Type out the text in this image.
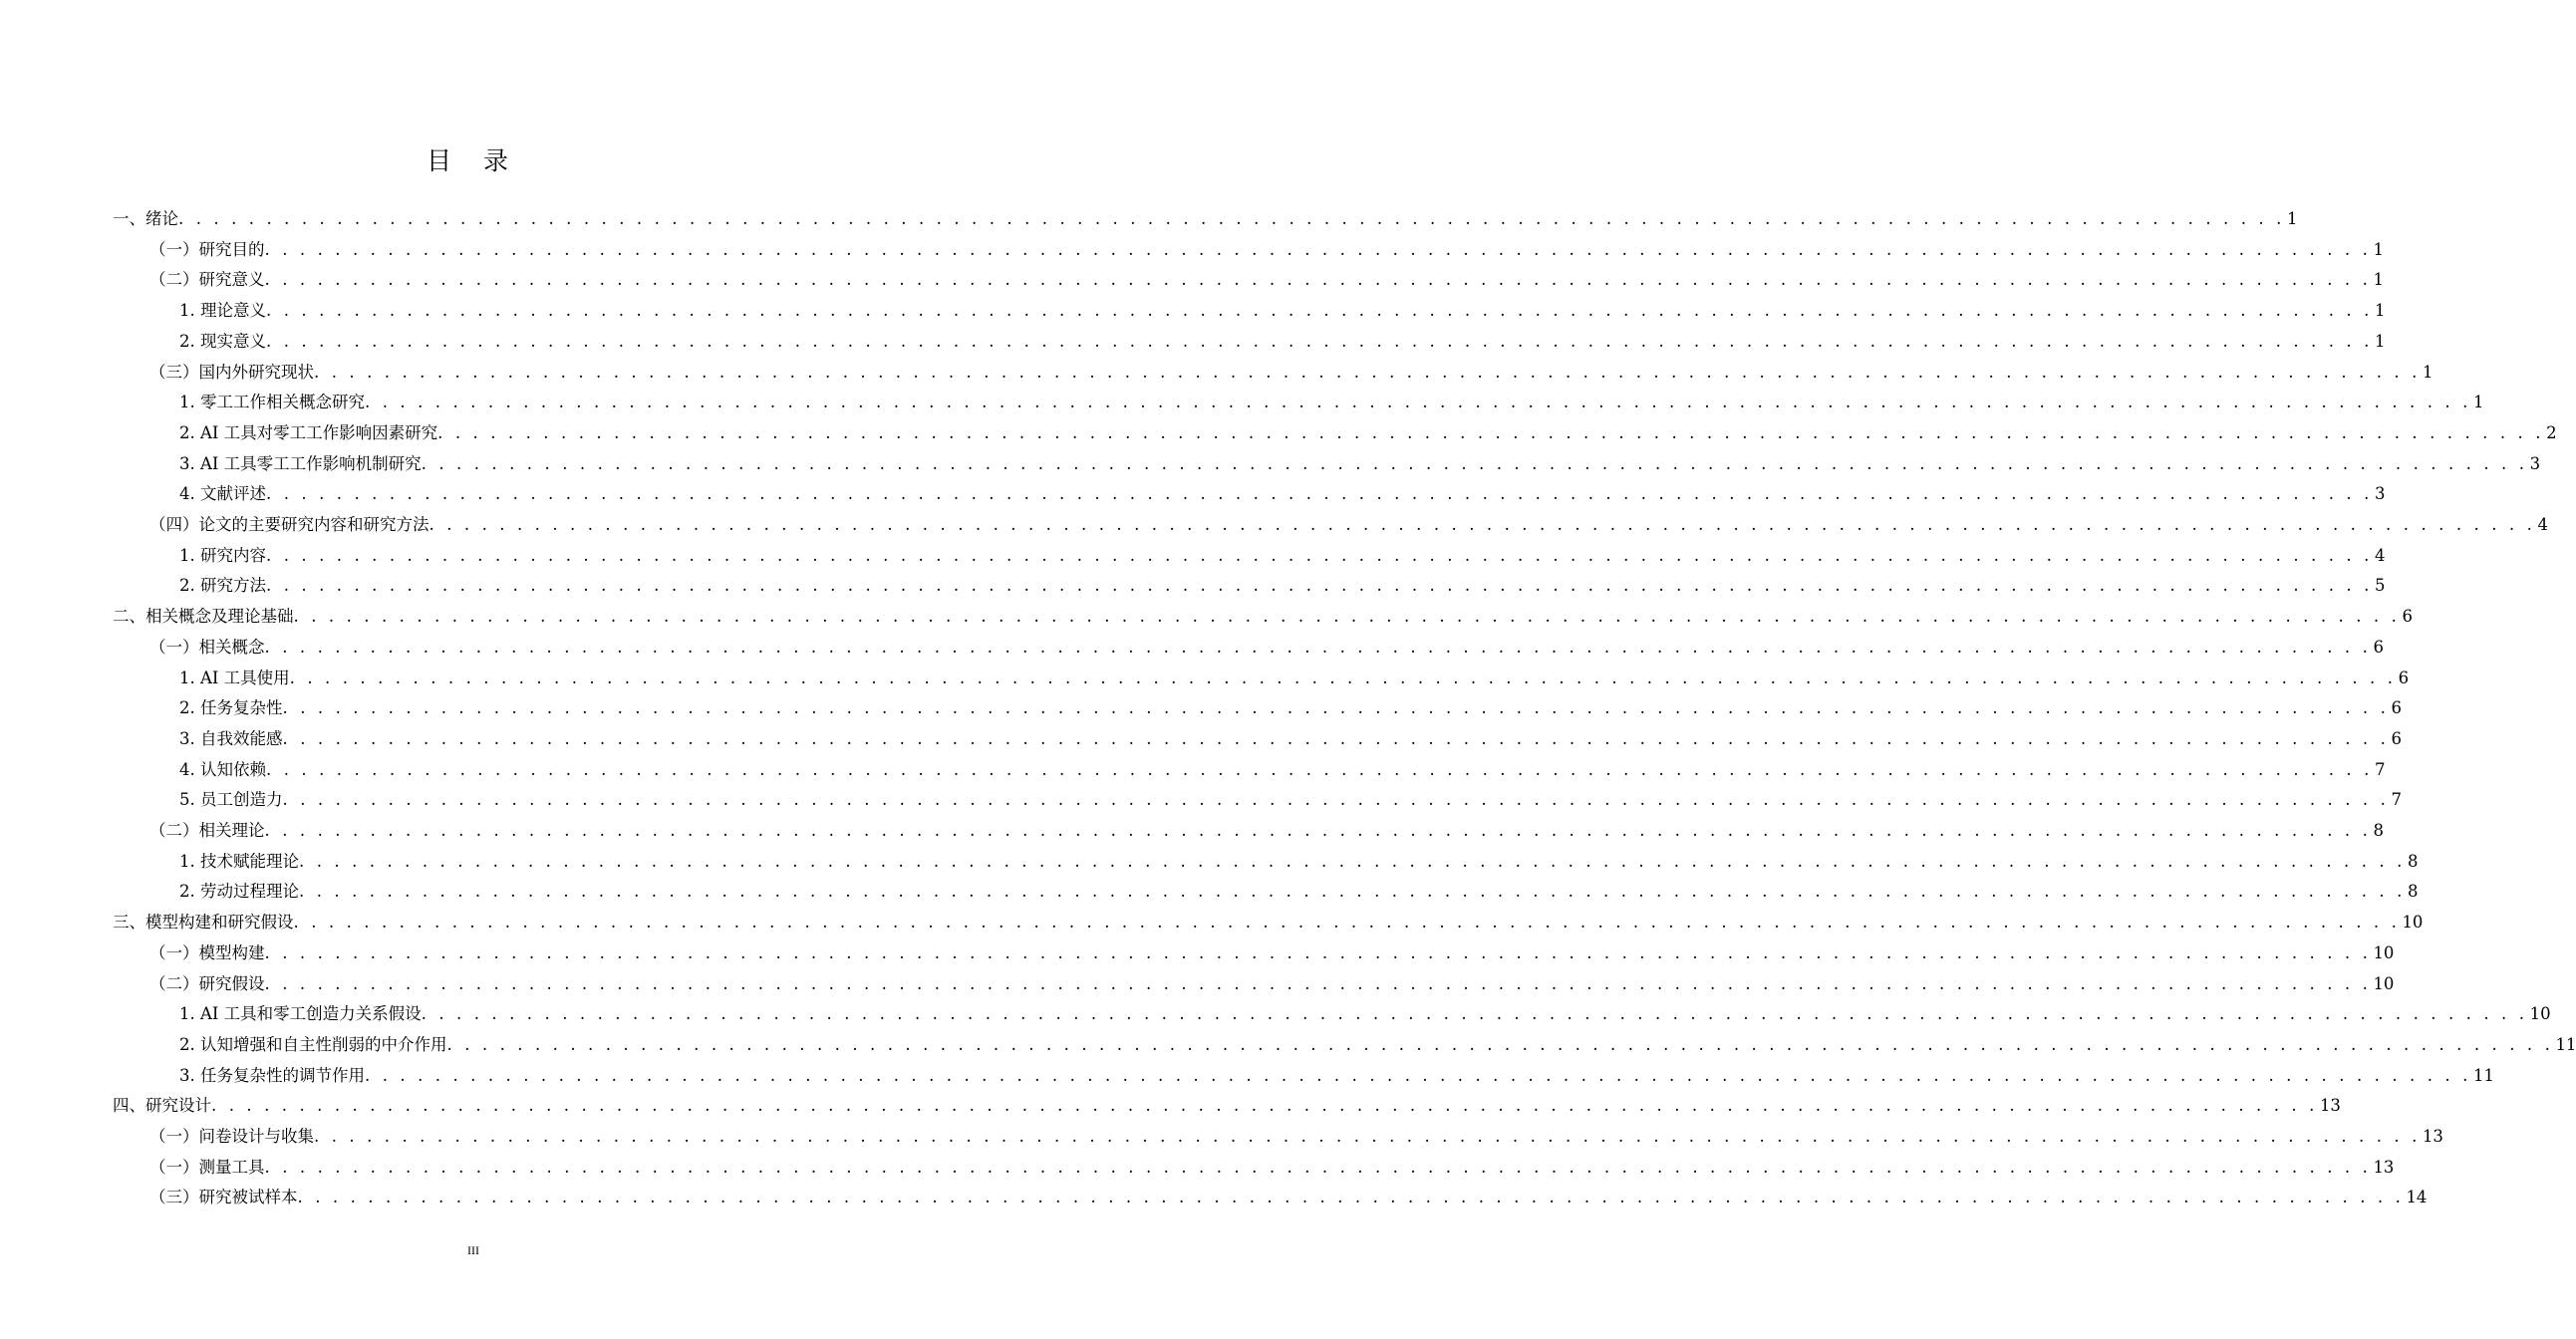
目 录
一、绪论 . . . . . . . . . . . . . . . . . . . . . . . . . . . . . . . . . . . . . . . . . . . . . . . . . . . . . . . . . . . . . . . . . . . . . . . . . . . . . . . . . . . . . . . . . . . . . . . . . . . . . . . . . . . . . . . . . . . . . . . . 1
（一）研究目的 . . . . . . . . . . . . . . . . . . . . . . . . . . . . . . . . . . . . . . . . . . . . . . . . . . . . . . . . . . . . . . . . . . . . . . . . . . . . . . . . . . . . . . . . . . . . . . . . . . . . . . . . . . . . . . . . . . . . . . . . 1
（二）研究意义 . . . . . . . . . . . . . . . . . . . . . . . . . . . . . . . . . . . . . . . . . . . . . . . . . . . . . . . . . . . . . . . . . . . . . . . . . . . . . . . . . . . . . . . . . . . . . . . . . . . . . . . . . . . . . . . . . . . . . . . . 1
1. 理论意义 . . . . . . . . . . . . . . . . . . . . . . . . . . . . . . . . . . . . . . . . . . . . . . . . . . . . . . . . . . . . . . . . . . . . . . . . . . . . . . . . . . . . . . . . . . . . . . . . . . . . . . . . . . . . . . . . . . . . . . . . 1
2. 现实意义 . . . . . . . . . . . . . . . . . . . . . . . . . . . . . . . . . . . . . . . . . . . . . . . . . . . . . . . . . . . . . . . . . . . . . . . . . . . . . . . . . . . . . . . . . . . . . . . . . . . . . . . . . . . . . . . . . . . . . . . . 1
（三）国内外研究现状 . . . . . . . . . . . . . . . . . . . . . . . . . . . . . . . . . . . . . . . . . . . . . . . . . . . . . . . . . . . . . . . . . . . . . . . . . . . . . . . . . . . . . . . . . . . . . . . . . . . . . . . . . . . . . . . . . . . . . . . . 1
1. 零工工作相关概念研究 . . . . . . . . . . . . . . . . . . . . . . . . . . . . . . . . . . . . . . . . . . . . . . . . . . . . . . . . . . . . . . . . . . . . . . . . . . . . . . . . . . . . . . . . . . . . . . . . . . . . . . . . . . . . . . . . . . . . . . . . 1
2. AI 工具对零工工作影响因素研究 . . . . . . . . . . . . . . . . . . . . . . . . . . . . . . . . . . . . . . . . . . . . . . . . . . . . . . . . . . . . . . . . . . . . . . . . . . . . . . . . . . . . . . . . . . . . . . . . . . . . . . . . . . . . . . . . . . . . . . . . 2
3. AI 工具零工工作影响机制研究 . . . . . . . . . . . . . . . . . . . . . . . . . . . . . . . . . . . . . . . . . . . . . . . . . . . . . . . . . . . . . . . . . . . . . . . . . . . . . . . . . . . . . . . . . . . . . . . . . . . . . . . . . . . . . . . . . . . . . . . . 3
4. 文献评述 . . . . . . . . . . . . . . . . . . . . . . . . . . . . . . . . . . . . . . . . . . . . . . . . . . . . . . . . . . . . . . . . . . . . . . . . . . . . . . . . . . . . . . . . . . . . . . . . . . . . . . . . . . . . . . . . . . . . . . . . 3
（四）论文的主要研究内容和研究方法 . . . . . . . . . . . . . . . . . . . . . . . . . . . . . . . . . . . . . . . . . . . . . . . . . . . . . . . . . . . . . . . . . . . . . . . . . . . . . . . . . . . . . . . . . . . . . . . . . . . . . . . . . . . . . . . . . . . . . . . . 4
1. 研究内容 . . . . . . . . . . . . . . . . . . . . . . . . . . . . . . . . . . . . . . . . . . . . . . . . . . . . . . . . . . . . . . . . . . . . . . . . . . . . . . . . . . . . . . . . . . . . . . . . . . . . . . . . . . . . . . . . . . . . . . . . 4
2. 研究方法 . . . . . . . . . . . . . . . . . . . . . . . . . . . . . . . . . . . . . . . . . . . . . . . . . . . . . . . . . . . . . . . . . . . . . . . . . . . . . . . . . . . . . . . . . . . . . . . . . . . . . . . . . . . . . . . . . . . . . . . . 5
二、相关概念及理论基础 . . . . . . . . . . . . . . . . . . . . . . . . . . . . . . . . . . . . . . . . . . . . . . . . . . . . . . . . . . . . . . . . . . . . . . . . . . . . . . . . . . . . . . . . . . . . . . . . . . . . . . . . . . . . . . . . . . . . . . . . 6
（一）相关概念 . . . . . . . . . . . . . . . . . . . . . . . . . . . . . . . . . . . . . . . . . . . . . . . . . . . . . . . . . . . . . . . . . . . . . . . . . . . . . . . . . . . . . . . . . . . . . . . . . . . . . . . . . . . . . . . . . . . . . . . . 6
1. AI 工具使用 . . . . . . . . . . . . . . . . . . . . . . . . . . . . . . . . . . . . . . . . . . . . . . . . . . . . . . . . . . . . . . . . . . . . . . . . . . . . . . . . . . . . . . . . . . . . . . . . . . . . . . . . . . . . . . . . . . . . . . . . 6
2. 任务复杂性 . . . . . . . . . . . . . . . . . . . . . . . . . . . . . . . . . . . . . . . . . . . . . . . . . . . . . . . . . . . . . . . . . . . . . . . . . . . . . . . . . . . . . . . . . . . . . . . . . . . . . . . . . . . . . . . . . . . . . . . . 6
3. 自我效能感 . . . . . . . . . . . . . . . . . . . . . . . . . . . . . . . . . . . . . . . . . . . . . . . . . . . . . . . . . . . . . . . . . . . . . . . . . . . . . . . . . . . . . . . . . . . . . . . . . . . . . . . . . . . . . . . . . . . . . . . . 6
4. 认知依赖 . . . . . . . . . . . . . . . . . . . . . . . . . . . . . . . . . . . . . . . . . . . . . . . . . . . . . . . . . . . . . . . . . . . . . . . . . . . . . . . . . . . . . . . . . . . . . . . . . . . . . . . . . . . . . . . . . . . . . . . . 7
5. 员工创造力 . . . . . . . . . . . . . . . . . . . . . . . . . . . . . . . . . . . . . . . . . . . . . . . . . . . . . . . . . . . . . . . . . . . . . . . . . . . . . . . . . . . . . . . . . . . . . . . . . . . . . . . . . . . . . . . . . . . . . . . . 7
（二）相关理论 . . . . . . . . . . . . . . . . . . . . . . . . . . . . . . . . . . . . . . . . . . . . . . . . . . . . . . . . . . . . . . . . . . . . . . . . . . . . . . . . . . . . . . . . . . . . . . . . . . . . . . . . . . . . . . . . . . . . . . . . 8
1. 技术赋能理论 . . . . . . . . . . . . . . . . . . . . . . . . . . . . . . . . . . . . . . . . . . . . . . . . . . . . . . . . . . . . . . . . . . . . . . . . . . . . . . . . . . . . . . . . . . . . . . . . . . . . . . . . . . . . . . . . . . . . . . . . 8
2. 劳动过程理论 . . . . . . . . . . . . . . . . . . . . . . . . . . . . . . . . . . . . . . . . . . . . . . . . . . . . . . . . . . . . . . . . . . . . . . . . . . . . . . . . . . . . . . . . . . . . . . . . . . . . . . . . . . . . . . . . . . . . . . . . 8
三、模型构建和研究假设 . . . . . . . . . . . . . . . . . . . . . . . . . . . . . . . . . . . . . . . . . . . . . . . . . . . . . . . . . . . . . . . . . . . . . . . . . . . . . . . . . . . . . . . . . . . . . . . . . . . . . . . . . . . . . . . . . . . . . . . . 10
（一）模型构建 . . . . . . . . . . . . . . . . . . . . . . . . . . . . . . . . . . . . . . . . . . . . . . . . . . . . . . . . . . . . . . . . . . . . . . . . . . . . . . . . . . . . . . . . . . . . . . . . . . . . . . . . . . . . . . . . . . . . . . . . 10
（二）研究假设 . . . . . . . . . . . . . . . . . . . . . . . . . . . . . . . . . . . . . . . . . . . . . . . . . . . . . . . . . . . . . . . . . . . . . . . . . . . . . . . . . . . . . . . . . . . . . . . . . . . . . . . . . . . . . . . . . . . . . . . . 10
1. AI 工具和零工创造力关系假设 . . . . . . . . . . . . . . . . . . . . . . . . . . . . . . . . . . . . . . . . . . . . . . . . . . . . . . . . . . . . . . . . . . . . . . . . . . . . . . . . . . . . . . . . . . . . . . . . . . . . . . . . . . . . . . . . . . . . . . . . 10
2. 认知增强和自主性削弱的中介作用 . . . . . . . . . . . . . . . . . . . . . . . . . . . . . . . . . . . . . . . . . . . . . . . . . . . . . . . . . . . . . . . . . . . . . . . . . . . . . . . . . . . . . . . . . . . . . . . . . . . . . . . . . . . . . . . . . . . . . . . . 11
3. 任务复杂性的调节作用 . . . . . . . . . . . . . . . . . . . . . . . . . . . . . . . . . . . . . . . . . . . . . . . . . . . . . . . . . . . . . . . . . . . . . . . . . . . . . . . . . . . . . . . . . . . . . . . . . . . . . . . . . . . . . . . . . . . . . . . . 11
四、研究设计 . . . . . . . . . . . . . . . . . . . . . . . . . . . . . . . . . . . . . . . . . . . . . . . . . . . . . . . . . . . . . . . . . . . . . . . . . . . . . . . . . . . . . . . . . . . . . . . . . . . . . . . . . . . . . . . . . . . . . . . . 13
（一）问卷设计与收集 . . . . . . . . . . . . . . . . . . . . . . . . . . . . . . . . . . . . . . . . . . . . . . . . . . . . . . . . . . . . . . . . . . . . . . . . . . . . . . . . . . . . . . . . . . . . . . . . . . . . . . . . . . . . . . . . . . . . . . . . 13
（一）测量工具 . . . . . . . . . . . . . . . . . . . . . . . . . . . . . . . . . . . . . . . . . . . . . . . . . . . . . . . . . . . . . . . . . . . . . . . . . . . . . . . . . . . . . . . . . . . . . . . . . . . . . . . . . . . . . . . . . . . . . . . . 13
（三）研究被试样本 . . . . . . . . . . . . . . . . . . . . . . . . . . . . . . . . . . . . . . . . . . . . . . . . . . . . . . . . . . . . . . . . . . . . . . . . . . . . . . . . . . . . . . . . . . . . . . . . . . . . . . . . . . . . . . . . . . . . . . . . 14
III
